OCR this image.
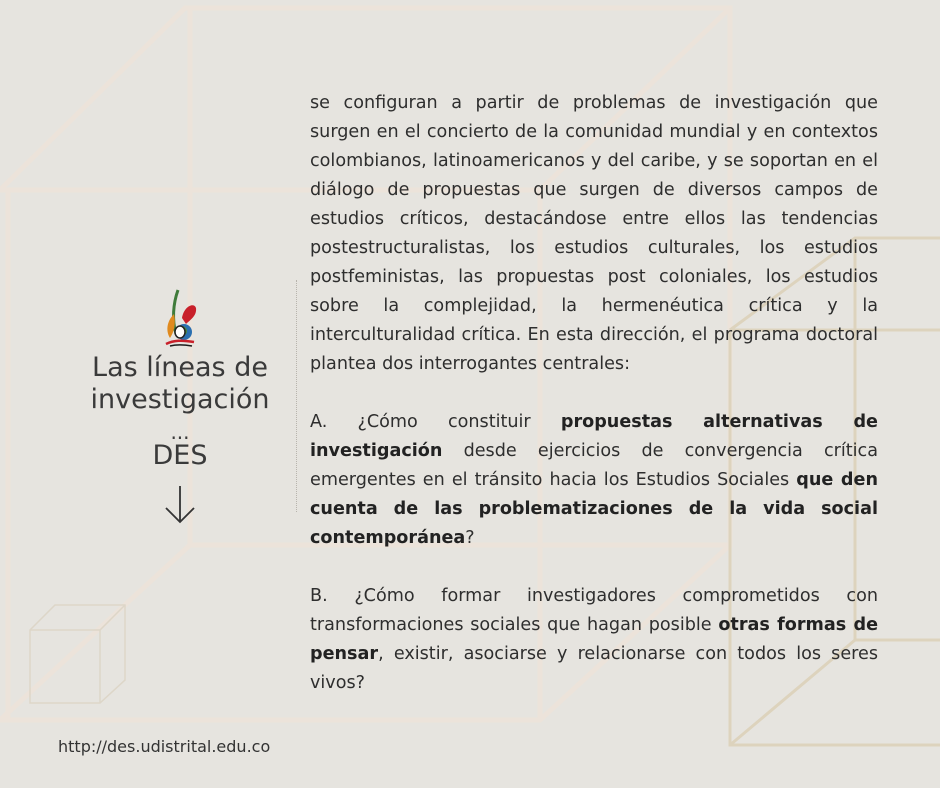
Las líneas de investigación
...
DES

se configuran a partir de problemas de investigación que surgen en el concierto de la comunidad mundial y en contextos colombianos, latinoamericanos y del caribe, y se soportan en el diálogo de propuestas que surgen de diversos campos de estudios críticos, destacándose entre ellos las tendencias postestructuralistas, los estudios culturales, los estudios postfeministas, las propuestas post coloniales, los estudios sobre la complejidad, la hermenéutica crítica y la interculturalidad crítica. En esta dirección, el programa doctoral plantea dos interrogantes centrales:

A. ¿Cómo constituir propuestas alternativas de investigación desde ejercicios de convergencia crítica emergentes en el tránsito hacia los Estudios Sociales que den cuenta de las problematizaciones de la vida social contemporánea?

B. ¿Cómo formar investigadores comprometidos con transformaciones sociales que hagan posible otras formas de pensar, existir, asociarse y relacionarse con todos los seres vivos?

http://des.udistrital.edu.co
